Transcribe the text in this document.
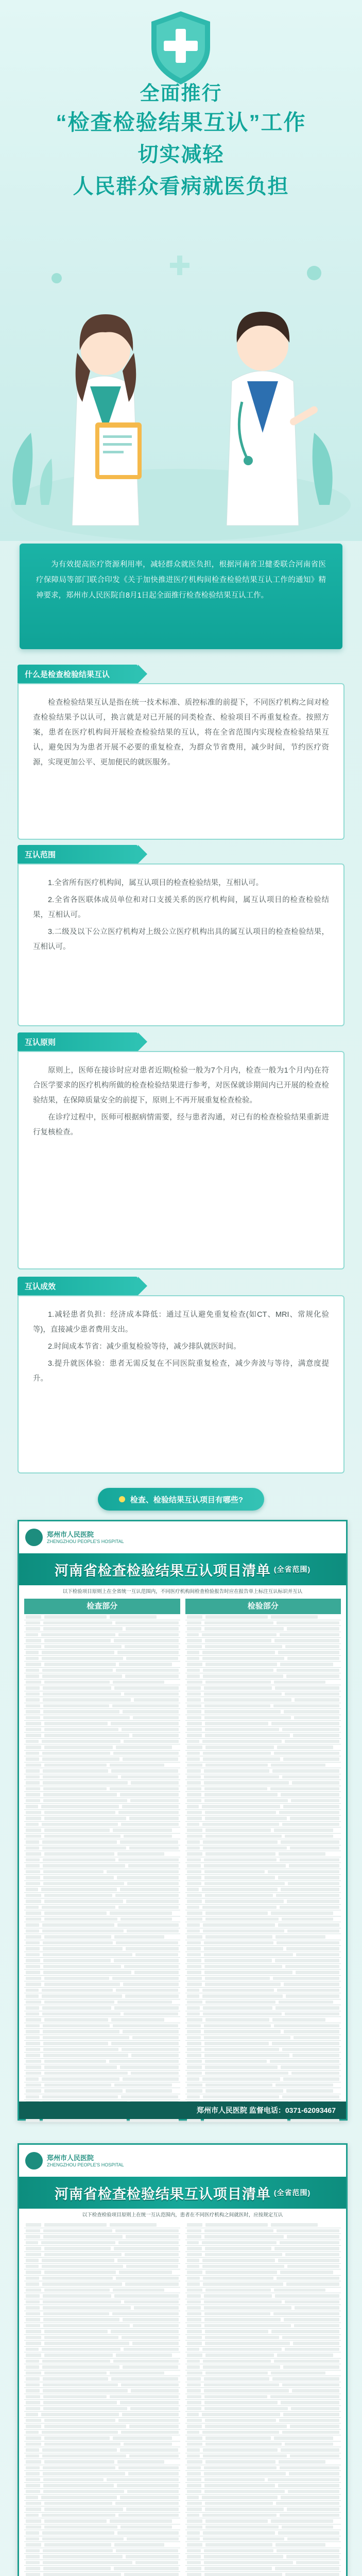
全面推行
“检查检验结果互认”工作
切实减轻
人民群众看病就医负担

为有效提高医疗资源利用率，减轻群众就医负担，根据河南省卫健委联合河南省医疗保障局等部门联合印发《关于加快推进医疗机构间检查检验结果互认工作的通知》精神要求，郑州市人民医院自8月1日起全面推行检查检验结果互认工作。

什么是检查检验结果互认

检查检验结果互认是指在统一技术标准、质控标准的前提下，不同医疗机构之间对检查检验结果予以认可，换言就是对已开展的同类检查、检验项目不再重复检查。按照方案，患者在医疗机构间开展检查检验结果的互认，将在全省范围内实现检查检验结果互认，避免因为为患者开展不必要的重复检查，为群众节省费用，减少时间，节约医疗资源，实现更加公平、更加便民的就医服务。

互认范围

1.全省所有医疗机构间，属互认项目的检查检验结果，互相认可。

2.全省各医联体成员单位和对口支援关系的医疗机构间，属互认项目的检查检验结果，互相认可。

3.二级及以下公立医疗机构对上级公立医疗机构出具的属互认项目的检查检验结果，互相认可。

互认原则

原则上，医师在接诊时应对患者近期(检验一般为7个月内，检查一般为1个月内)在符合医学要求的医疗机构所做的检查检验结果进行参考，对医保就诊期间内已开展的检查检验结果，在保障质量安全的前提下，原则上不再开展重复检查检验。

在诊疗过程中，医师可根据病情需要，经与患者沟通，对已有的检查检验结果重新进行复核检查。

互认成效

1.减轻患者负担：经济成本降低：通过互认避免重复检查(如CT、MRI、常规化验等)，直接减少患者费用支出。

2.时间成本节省：减少重复检验等待，减少排队就医时间。

3.提升就医体验：患者无需反复在不同医院重复检查，减少奔波与等待，满意度提升。

检查、检验结果互认项目有哪些?
郑州市人民医院
ZHENGZHOU PEOPLE'S HOSPITAL
河南省检查检验结果互认项目清单 (全省范围)
以下检验项目原则上在全省统一互认范围内，不同医疗机构间检查检验报告时应在报告单上标注互认标识并互认
检查部分	检验部分
郑州市人民医院 监督电话：0371-62093467
郑州市人民医院
ZHENGZHOU PEOPLE'S HOSPITAL
河南省检查检验结果互认项目清单 (全省范围)
以下检查检验项目原则上在统一互认范围内，患者在不同医疗机构之间就医时，应按规定互认
